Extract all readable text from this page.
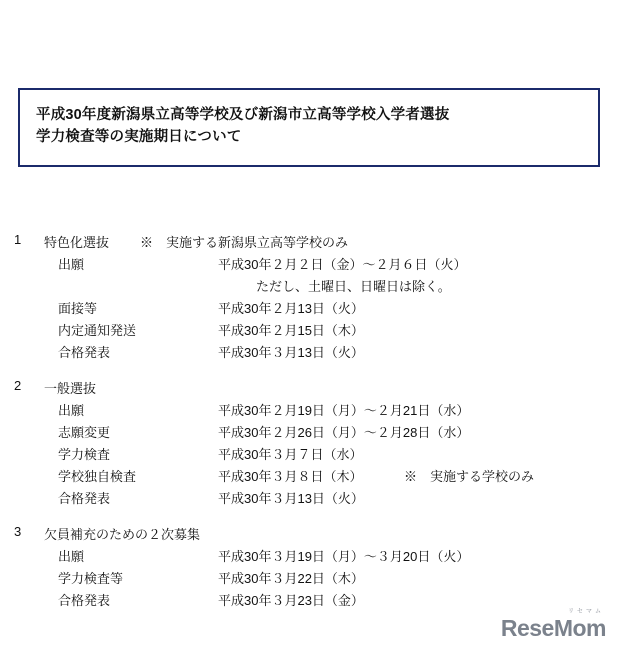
平成30年度新潟県立高等学校及び新潟市立高等学校入学者選抜
学力検査等の実施期日について
1 特色化選抜 ※　実施する新潟県立高等学校のみ
出願	平成30年２月２日（金）〜２月６日（火）
ただし、土曜日、日曜日は除く。
面接等	平成30年２月13日（火）
内定通知発送	平成30年２月15日（木）
合格発表	平成30年３月13日（火）
2 一般選抜
出願	平成30年２月19日（月）〜２月21日（水）
志願変更	平成30年２月26日（月）〜２月28日（水）
学力検査	平成30年３月７日（水）
学校独自検査	平成30年３月８日（木）	※　実施する学校のみ
合格発表	平成30年３月13日（火）
3 欠員補充のための２次募集
出願	平成30年３月19日（月）〜３月20日（火）
学力検査等	平成30年３月22日（木）
合格発表	平成30年３月23日（金）
リセマム
ReseMom
